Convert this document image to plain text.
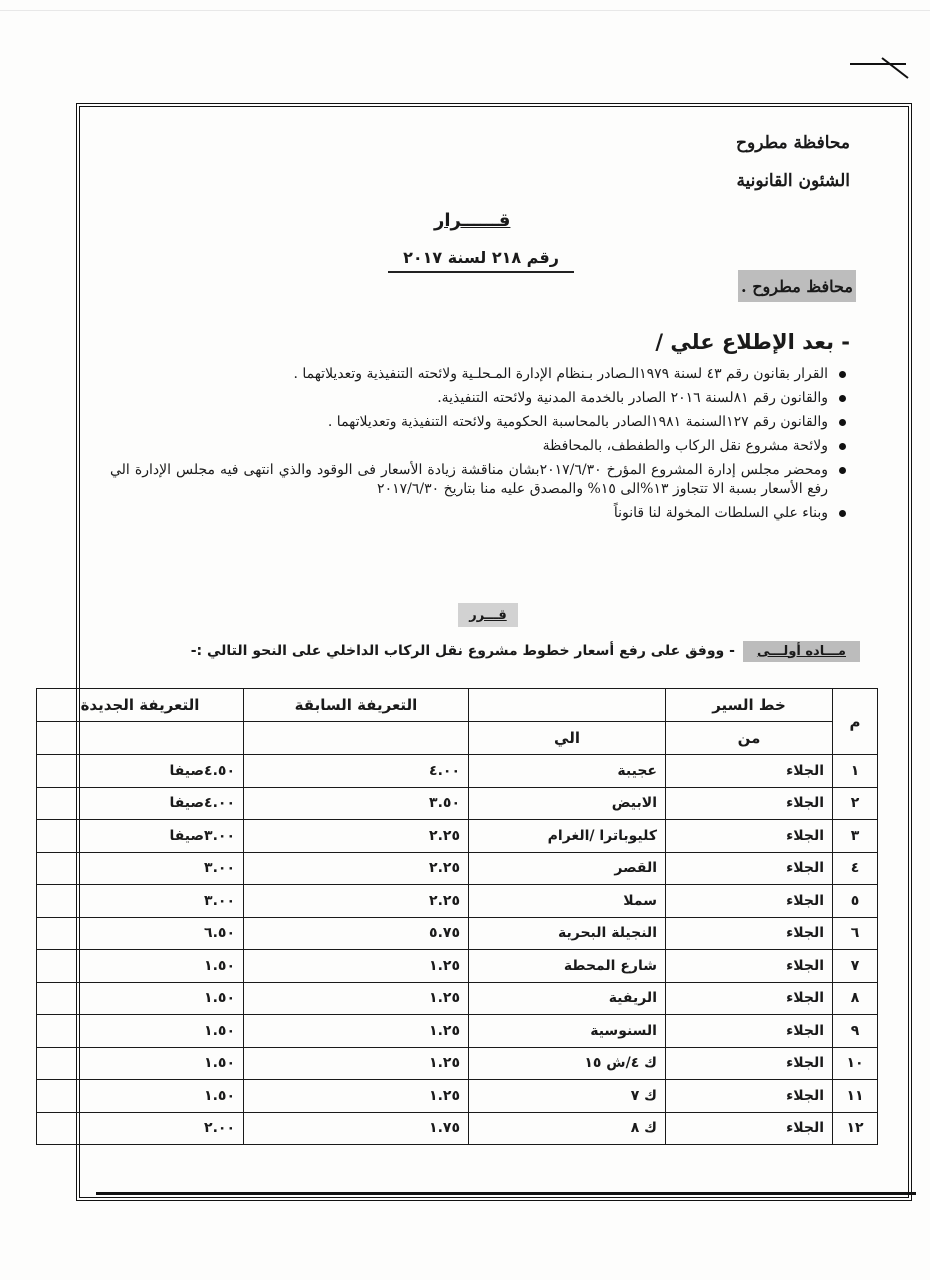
محافظة مطروح
الشئون القانونية
قــــــرار
رقم ٢١٨ لسنة ٢٠١٧
محافظ مطروح .
- بعد الإطلاع علي /
القرار بقانون رقم ٤٣ لسنة ١٩٧٩الـصادر بـنظام الإدارة المـحلـية ولائحته التنفيذية وتعديلاتهما .
والقانون رقم ٨١لسنة ٢٠١٦ الصادر بالخدمة المدنية ولائحته التنفيذية.
والقانون رقم ١٢٧السنمة ١٩٨١الصادر بالمحاسبة الحكومية ولائحته التنفيذية وتعديلاتهما .
ولائحة مشروع نقل الركاب والطفطف، بالمحافظة
ومحضر مجلس إدارة المشروع المؤرخ ٢٠١٧/٦/٣٠بشان مناقشة زيادة الأسعار فى الوقود والذي انتهى فيه مجلس الإدارة الي رفع الأسعار بسبة الا تتجاوز ١٣%الى ١٥% والمصدق عليه منا بتاريخ ٢٠١٧/٦/٣٠
وبناء علي السلطات المخولة لنا قانوناً
قـــرر
مـــاده أولـــى
- ووفق على رفع أسعار خطوط مشروع نقل الركاب الداخلي على النحو التالي :-
م	خط السير		التعريفة السابقة	التعريفة الجديدة
	من	الي		
١	الجلاء	عجيبة	٤.٠٠	٤.٥٠صيفا
٢	الجلاء	الابيض	٣.٥٠	٤.٠٠صيفا
٣	الجلاء	كليوباترا /الغرام	٢.٢٥	٣.٠٠صيفا
٤	الجلاء	القصر	٢.٢٥	٣.٠٠
٥	الجلاء	سملا	٢.٢٥	٣.٠٠
٦	الجلاء	النجيلة البحرية	٥.٧٥	٦.٥٠
٧	الجلاء	شارع المحطة	١.٢٥	١.٥٠
٨	الجلاء	الريفية	١.٢٥	١.٥٠
٩	الجلاء	السنوسية	١.٢٥	١.٥٠
١٠	الجلاء	ك ٤/ش ١٥	١.٢٥	١.٥٠
١١	الجلاء	ك ٧	١.٢٥	١.٥٠
١٢	الجلاء	ك ٨	١.٧٥	٢.٠٠
